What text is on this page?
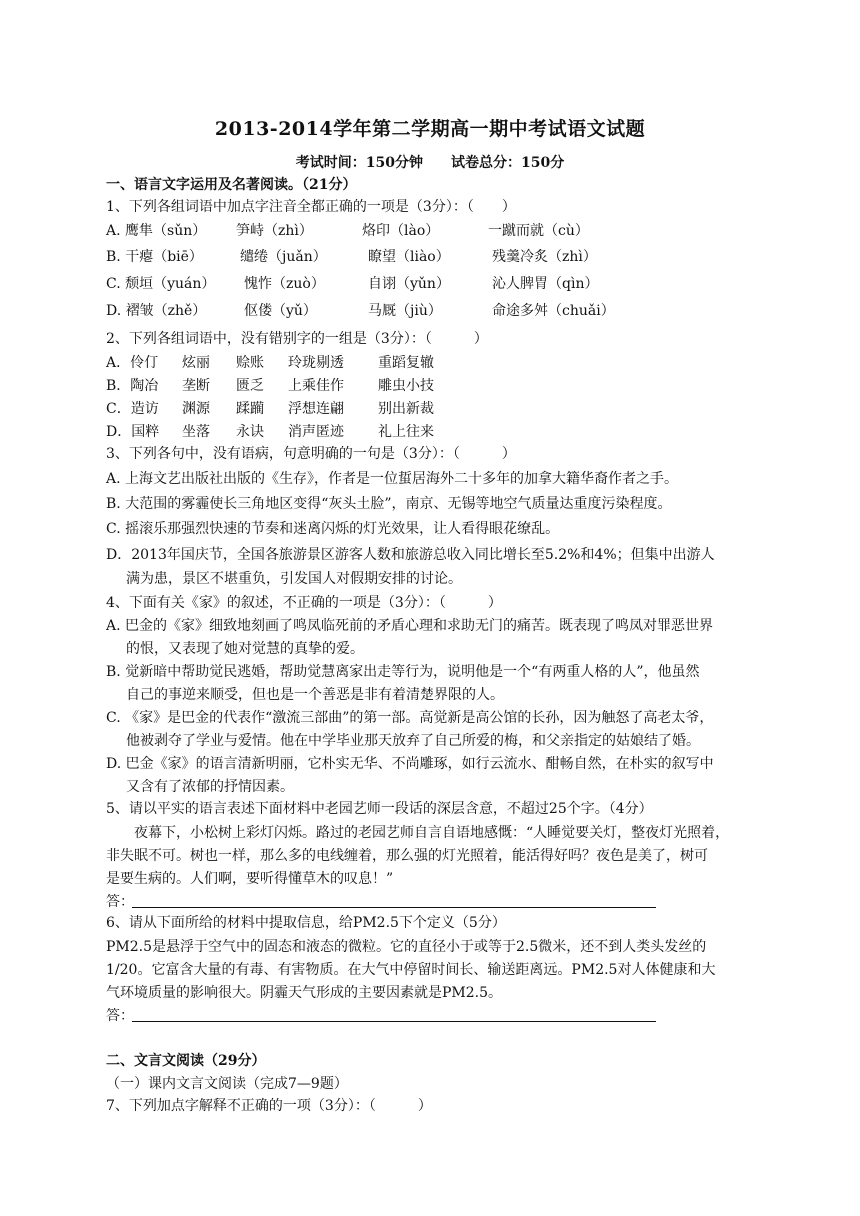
2013-2014学年第二学期高一期中考试语文试题
考试时间：150分钟　　试卷总分：150分
一、语言文字运用及名著阅读。（21分）
1、下列各组词语中加点字注音全都正确的一项是（3分）：（　　）
A. 鹰隼（sǔn） 笋峙（zhì）	烙印（lào）	一蹴而就（cù）
B. 干瘪（biē）	缱绻（juǎn）	瞭望（liào）	残羹冷炙（zhì）
C. 颓垣（yuán） 愧怍（zuò）	自诩（yǔn）	沁人脾胃（qìn）
D. 褶皱（zhě）	伛偻（yǔ）	马厩（jiù）	命途多舛（chuǎi）
2、下列各组词语中，没有错别字的一组是（3分）：（　　　）
A．伶仃 炫丽 赊账 玲珑剔透 重蹈复辙
B．陶冶 垄断 匮乏 上乘佳作 雕虫小技
C．造访 渊源 蹂躏 浮想连翩 别出新裁
D．国粹 坐落 永诀 消声匿迹 礼上往来
3、下列各句中，没有语病，句意明确的一句是（3分）：（　　　）
A. 上海文艺出版社出版的《生存》，作者是一位蜇居海外二十多年的加拿大籍华裔作者之手。
B. 大范围的雾霾使长三角地区变得“灰头土脸”，南京、无锡等地空气质量达重度污染程度。
C. 摇滚乐那强烈快速的节奏和迷离闪烁的灯光效果，让人看得眼花缭乱。
D．2013年国庆节，全国各旅游景区游客人数和旅游总收入同比增长至5.2%和4%；但集中出游人
满为患，景区不堪重负，引发国人对假期安排的讨论。
4、下面有关《家》的叙述，不正确的一项是（3分）：（　　　）
A. 巴金的《家》细致地刻画了鸣凤临死前的矛盾心理和求助无门的痛苦。既表现了鸣凤对罪恶世界
的恨，又表现了她对觉慧的真挚的爱。
B. 觉新暗中帮助觉民逃婚，帮助觉慧离家出走等行为，说明他是一个“有两重人格的人”，他虽然
自己的事逆来顺受，但也是一个善恶是非有着清楚界限的人。
C. 《家》是巴金的代表作“激流三部曲”的第一部。高觉新是高公馆的长孙，因为触怒了高老太爷，
他被剥夺了学业与爱情。他在中学毕业那天放弃了自己所爱的梅，和父亲指定的姑娘结了婚。
D. 巴金《家》的语言清新明丽，它朴实无华、不尚雕琢，如行云流水、酣畅自然，在朴实的叙写中
又含有了浓郁的抒情因素。
5、请以平实的语言表述下面材料中老园艺师一段话的深层含意，不超过25个字。（4分）
夜幕下，小松树上彩灯闪烁。路过的老园艺师自言自语地感慨：“人睡觉要关灯，整夜灯光照着，
非失眠不可。树也一样，那么多的电线缠着，那么强的灯光照着，能活得好吗？夜色是美了，树可
是要生病的。人们啊，要听得懂草木的叹息！”
答：
6、请从下面所给的材料中提取信息，给PM2.5下个定义（5分）
PM2.5是悬浮于空气中的固态和液态的微粒。它的直径小于或等于2.5微米，还不到人类头发丝的
1/20。它富含大量的有毒、有害物质。在大气中停留时间长、输送距离远。PM2.5对人体健康和大
气环境质量的影响很大。阴霾天气形成的主要因素就是PM2.5。
答：
二、文言文阅读（29分）
（一）课内文言文阅读（完成7—9题）
7、下列加点字解释不正确的一项（3分）：（　　　）
